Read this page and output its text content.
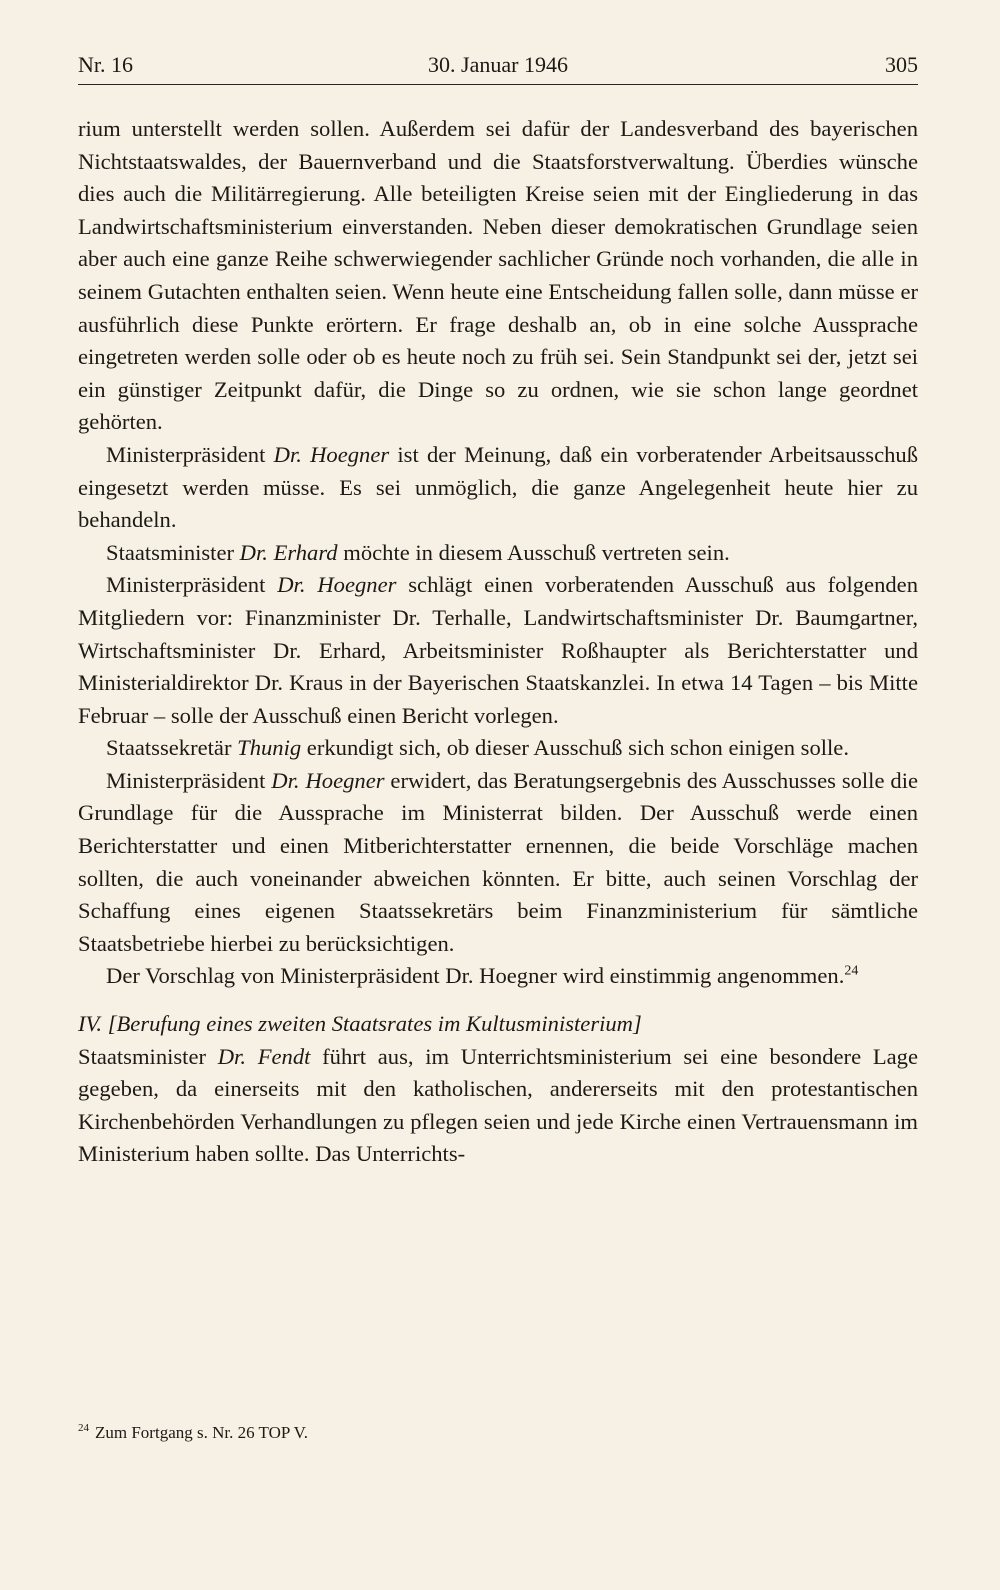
Nr. 16	30. Januar 1946	305

rium unterstellt werden sollen. Außerdem sei dafür der Landesverband des bayerischen Nichtstaatswaldes, der Bauernverband und die Staatsforstverwaltung. Überdies wünsche dies auch die Militärregierung. Alle beteiligten Kreise seien mit der Eingliederung in das Landwirtschaftsministerium einverstanden. Neben dieser demokratischen Grundlage seien aber auch eine ganze Reihe schwerwiegender sachlicher Gründe noch vorhanden, die alle in seinem Gutachten enthalten seien. Wenn heute eine Entscheidung fallen solle, dann müsse er ausführlich diese Punkte erörtern. Er frage deshalb an, ob in eine solche Aussprache eingetreten werden solle oder ob es heute noch zu früh sei. Sein Standpunkt sei der, jetzt sei ein günstiger Zeitpunkt dafür, die Dinge so zu ordnen, wie sie schon lange geordnet gehörten.

Ministerpräsident Dr. Hoegner ist der Meinung, daß ein vorberatender Arbeitsausschuß eingesetzt werden müsse. Es sei unmöglich, die ganze Angelegenheit heute hier zu behandeln.

Staatsminister Dr. Erhard möchte in diesem Ausschuß vertreten sein.

Ministerpräsident Dr. Hoegner schlägt einen vorberatenden Ausschuß aus folgenden Mitgliedern vor: Finanzminister Dr. Terhalle, Landwirtschaftsminister Dr. Baumgartner, Wirtschaftsminister Dr. Erhard, Arbeitsminister Roßhaupter als Berichterstatter und Ministerialdirektor Dr. Kraus in der Bayerischen Staatskanzlei. In etwa 14 Tagen – bis Mitte Februar – solle der Ausschuß einen Bericht vorlegen.

Staatssekretär Thunig erkundigt sich, ob dieser Ausschuß sich schon einigen solle.

Ministerpräsident Dr. Hoegner erwidert, das Beratungsergebnis des Ausschusses solle die Grundlage für die Aussprache im Ministerrat bilden. Der Ausschuß werde einen Berichterstatter und einen Mitberichterstatter ernennen, die beide Vorschläge machen sollten, die auch voneinander abweichen könnten. Er bitte, auch seinen Vorschlag der Schaffung eines eigenen Staatssekretärs beim Finanzministerium für sämtliche Staatsbetriebe hierbei zu berücksichtigen.

Der Vorschlag von Ministerpräsident Dr. Hoegner wird einstimmig angenommen.$^{24}$

IV. [Berufung eines zweiten Staatsrates im Kultusministerium]

Staatsminister Dr. Fendt führt aus, im Unterrichtsministerium sei eine besondere Lage gegeben, da einerseits mit den katholischen, andererseits mit den protestantischen Kirchenbehörden Verhandlungen zu pflegen seien und jede Kirche einen Vertrauensmann im Ministerium haben sollte. Das Unterrichts-

$^{24}$ Zum Fortgang s. Nr. 26 TOP V.
